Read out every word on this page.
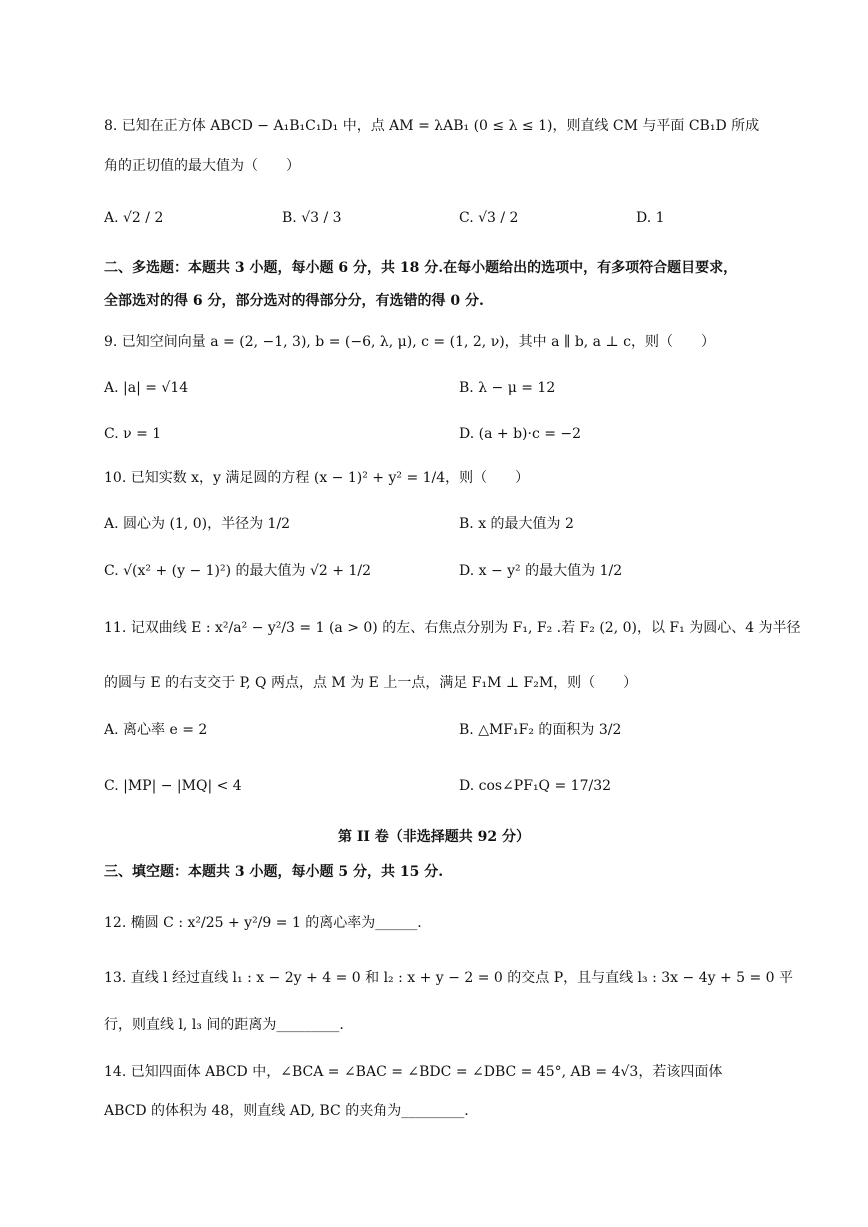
8. 已知在正方体 ABCD − A₁B₁C₁D₁ 中，点 AM = λAB₁ (0 ≤ λ ≤ 1)，则直线 CM 与平面 CB₁D 所成
角的正切值的最大值为（　　）
A. √2 / 2	B. √3 / 3	C. √3 / 2	D. 1
二、多选题：本题共 3 小题，每小题 6 分，共 18 分.在每小题给出的选项中，有多项符合题目要求，
全部选对的得 6 分，部分选对的得部分分，有选错的得 0 分.
9. 已知空间向量 a = (2, −1, 3), b = (−6, λ, μ), c = (1, 2, ν)，其中 a ∥ b, a ⊥ c，则（　　）
A. |a| = √14	B. λ − μ = 12
C. ν = 1	D. (a + b)·c = −2
10. 已知实数 x，y 满足圆的方程 (x − 1)² + y² = 1/4，则（　　）
A. 圆心为 (1, 0)，半径为 1/2	B. x 的最大值为 2
C. √(x² + (y − 1)²) 的最大值为 √2 + 1/2	D. x − y² 的最大值为 1/2
11. 记双曲线 E : x²/a² − y²/3 = 1 (a > 0) 的左、右焦点分别为 F₁, F₂ .若 F₂ (2, 0)，以 F₁ 为圆心、4 为半径
的圆与 E 的右支交于 P, Q 两点，点 M 为 E 上一点，满足 F₁M ⊥ F₂M，则（　　）
A. 离心率 e = 2	B. △MF₁F₂ 的面积为 3/2
C. |MP| − |MQ| < 4	D. cos∠PF₁Q = 17/32
第 II 卷（非选择题共 92 分）
三、填空题：本题共 3 小题，每小题 5 分，共 15 分.
12. 椭圆 C : x²/25 + y²/9 = 1 的离心率为______.
13. 直线 l 经过直线 l₁ : x − 2y + 4 = 0 和 l₂ : x + y − 2 = 0 的交点 P，且与直线 l₃ : 3x − 4y + 5 = 0 平
行，则直线 l, l₃ 间的距离为_________.
14. 已知四面体 ABCD 中，∠BCA = ∠BAC = ∠BDC = ∠DBC = 45°, AB = 4√3，若该四面体
ABCD 的体积为 48，则直线 AD, BC 的夹角为_________.
